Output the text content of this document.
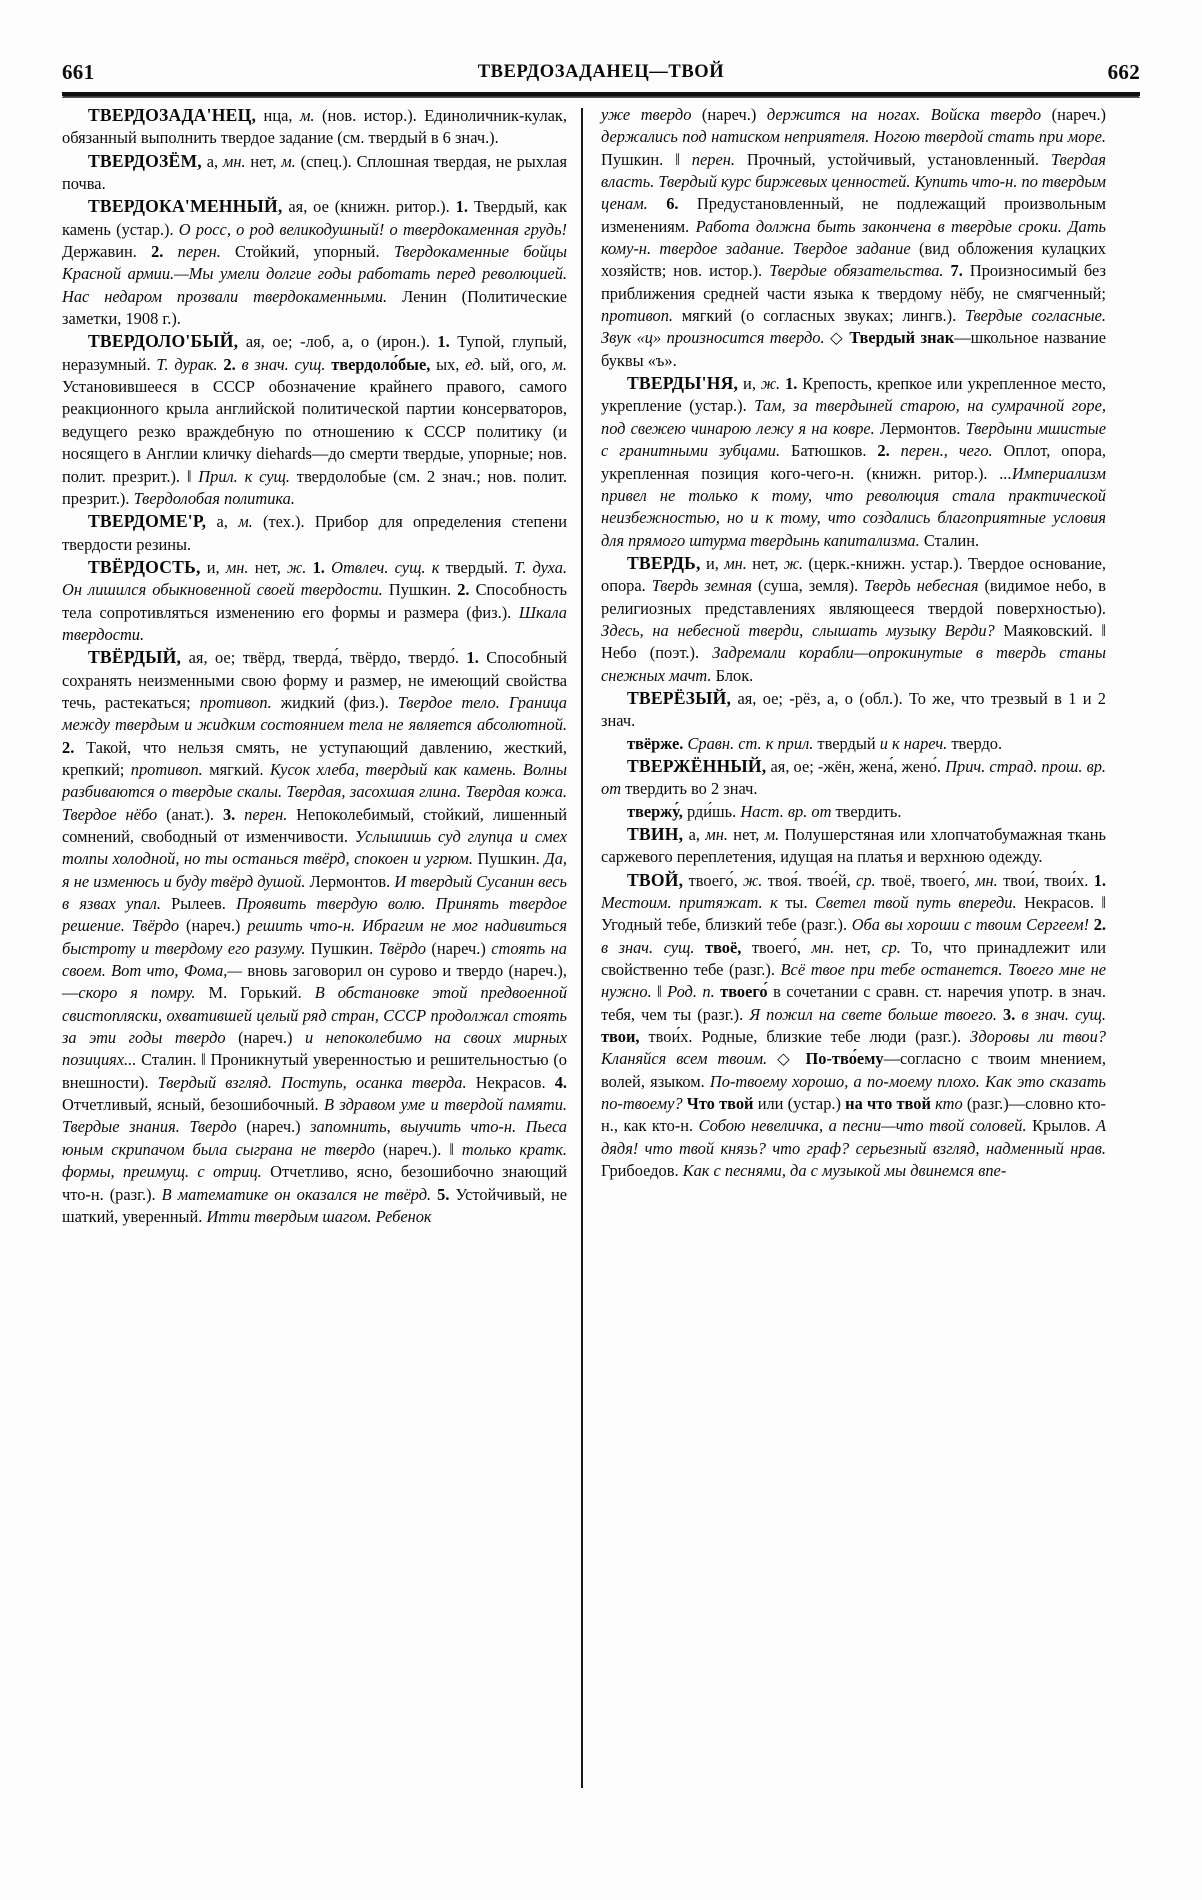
661	ТВЕРДОЗАДАНЕЦ—ТВОЙ	662

ТВЕРДОЗАДА'НЕЦ, нца, м. (нов. истор.). Единоличник-кулак, обязанный выполнить твердое задание (см. твердый в 6 знач.).

ТВЕРДОЗЁМ, а, мн. нет, м. (спец.). Сплошная твердая, не рыхлая почва.

ТВЕРДОКА'МЕННЫЙ, ая, ое (книжн. ритор.). 1. Твердый, как камень (устар.). О росс, о род великодушный! о твердокаменная грудь! Державин. 2. перен. Стойкий, упорный. Твердокаменные бойцы Красной армии.—Мы умели долгие годы работать перед революцией. Нас недаром прозвали твердокаменными. Ленин (Политические заметки, 1908 г.).

ТВЕРДОЛО'БЫЙ, ая, ое; -лоб, а, о (ирон.). 1. Тупой, глупый, неразумный. Т. дурак. 2. в знач. сущ. твердоло́бые, ых, ед. ый, ого, м. Установившееся в СССР обозначение крайнего правого, самого реакционного крыла английской политической партии консерваторов, ведущего резко враждебную по отношению к СССР политику (и носящего в Англии кличку diehards—до смерти твердые, упорные; нов. полит. презрит.). ‖ Прил. к сущ. твердолобые (см. 2 знач.; нов. полит. презрит.). Твердолобая политика.

ТВЕРДОМЕ'Р, а, м. (тех.). Прибор для определения степени твердости резины.

ТВЁРДОСТЬ, и, мн. нет, ж. 1. Отвлеч. сущ. к твердый. Т. духа. Он лишился обыкновенной своей твердости. Пушкин. 2. Способность тела сопротивляться изменению его формы и размера (физ.). Шкала твердости.

ТВЁРДЫЙ, ая, ое; твёрд, тверда́, твёрдо, твердо́. 1. Способный сохранять неизменными свою форму и размер, не имеющий свойства течь, растекаться; противоп. жидкий (физ.). Твердое тело. Граница между твердым и жидким состоянием тела не является абсолютной. 2. Такой, что нельзя смять, не уступающий давлению, жесткий, крепкий; противоп. мягкий. Кусок хлеба, твердый как камень. Волны разбиваются о твердые скалы. Твердая, засохшая глина. Твердая кожа. Твердое нёбо (анат.). 3. перен. Непоколебимый, стойкий, лишенный сомнений, свободный от изменчивости. Услышишь суд глупца и смех толпы холодной, но ты останься твёрд, спокоен и угрюм. Пушкин. Да, я не изменюсь и буду твёрд душой. Лермонтов. И твердый Сусанин весь в язвах упал. Рылеев. Проявить твердую волю. Принять твердое решение. Твёрдо (нареч.) решить что-н. Ибрагим не мог надивиться быстроту и твердому его разуму. Пушкин. Твёрдо (нареч.) стоять на своем. Вот что, Фома,— вновь заговорил он сурово и твердо (нареч.),—скоро я помру. М. Горький. В обстановке этой предвоенной свистопляски, охватившей целый ряд стран, СССР продолжал стоять за эти годы твердо (нареч.) и непоколебимо на своих мирных позициях... Сталин. ‖ Проникнутый уверенностью и решительностью (о внешности). Твердый взгляд. Поступь, осанка тверда. Некрасов. 4. Отчетливый, ясный, безошибочный. В здравом уме и твердой памяти. Твердые знания. Твердо (нареч.) запомнить, выучить что-н. Пьеса юным скрипачом была сыграна не твердо (нареч.). ‖ только кратк. формы, преимущ. с отриц. Отчетливо, ясно, безошибочно знающий что-н. (разг.). В математике он оказался не твёрд. 5. Устойчивый, не шаткий, уверенный. Итти твердым шагом. Ребенок

уже твердо (нареч.) держится на ногах. Войска твердо (нареч.) держались под натиском неприятеля. Ногою твердой стать при море. Пушкин. ‖ перен. Прочный, устойчивый, установленный. Твердая власть. Твердый курс биржевых ценностей. Купить что-н. по твердым ценам. 6. Предустановленный, не подлежащий произвольным изменениям. Работа должна быть закончена в твердые сроки. Дать кому-н. твердое задание. Твердое задание (вид обложения кулацких хозяйств; нов. истор.). Твердые обязательства. 7. Произносимый без приближения средней части языка к твердому нёбу, не смягченный; противоп. мягкий (о согласных звуках; лингв.). Твердые согласные. Звук «ц» произносится твердо. ◇ Твердый знак—школьное название буквы «ъ».

ТВЕРДЫ'НЯ, и, ж. 1. Крепость, крепкое или укрепленное место, укрепление (устар.). Там, за твердыней старою, на сумрачной горе, под свежею чинарою лежу я на ковре. Лермонтов. Твердыни мшистые с гранитными зубцами. Батюшков. 2. перен., чего. Оплот, опора, укрепленная позиция кого-чего-н. (книжн. ритор.). ...Империализм привел не только к тому, что революция стала практической неизбежностью, но и к тому, что создались благоприятные условия для прямого штурма твердынь капитализма. Сталин.

ТВЕРДЬ, и, мн. нет, ж. (церк.-книжн. устар.). Твердое основание, опора. Твердь земная (суша, земля). Твердь небесная (видимое небо, в религиозных представлениях являющееся твердой поверхностью). Здесь, на небесной тверди, слышать музыку Верди? Маяковский. ‖ Небо (поэт.). Задремали корабли—опрокинутые в твердь станы снежных мачт. Блок.

ТВЕРЁЗЫЙ, ая, ое; -рёз, а, о (обл.). То же, что трезвый в 1 и 2 знач.

твёрже. Сравн. ст. к прил. твердый и к нареч. твердо.

ТВЕРЖЁННЫЙ, ая, ое; -жён, жена́, жено́. Прич. страд. прош. вр. от твердить во 2 знач.

твержу́, рди́шь. Наст. вр. от твердить.

ТВИН, а, мн. нет, м. Полушерстяная или хлопчатобумажная ткань саржевого переплетения, идущая на платья и верхнюю одежду.

ТВОЙ, твоего́, ж. твоя́. твое́й, ср. твоё, твоего́, мн. твои́, твои́х. 1. Местоим. притяжат. к ты. Светел твой путь впереди. Некрасов. ‖ Угодный тебе, близкий тебе (разг.). Оба вы хороши с твоим Сергеем! 2. в знач. сущ. твоё, твоего́, мн. нет, ср. То, что принадлежит или свойственно тебе (разг.). Всё твое при тебе останется. Твоего мне не нужно. ‖ Род. п. твоего́ в сочетании с сравн. ст. наречия употр. в знач. тебя, чем ты (разг.). Я пожил на свете больше твоего. 3. в знач. сущ. твои, твои́х. Родные, близкие тебе люди (разг.). Здоровы ли твои? Кланяйся всем твоим. ◇ По-тво́ему—согласно с твоим мнением, волей, языком. По-твоему хорошо, а по-моему плохо. Как это сказать по-твоему? Что твой или (устар.) на что твой кто (разг.)—словно кто-н., как кто-н. Собою невеличка, а песни—что твой соловей. Крылов. А дядя! что твой князь? что граф? серьезный взгляд, надменный нрав. Грибоедов. Как с песнями, да с музыкой мы двинемся впе-
